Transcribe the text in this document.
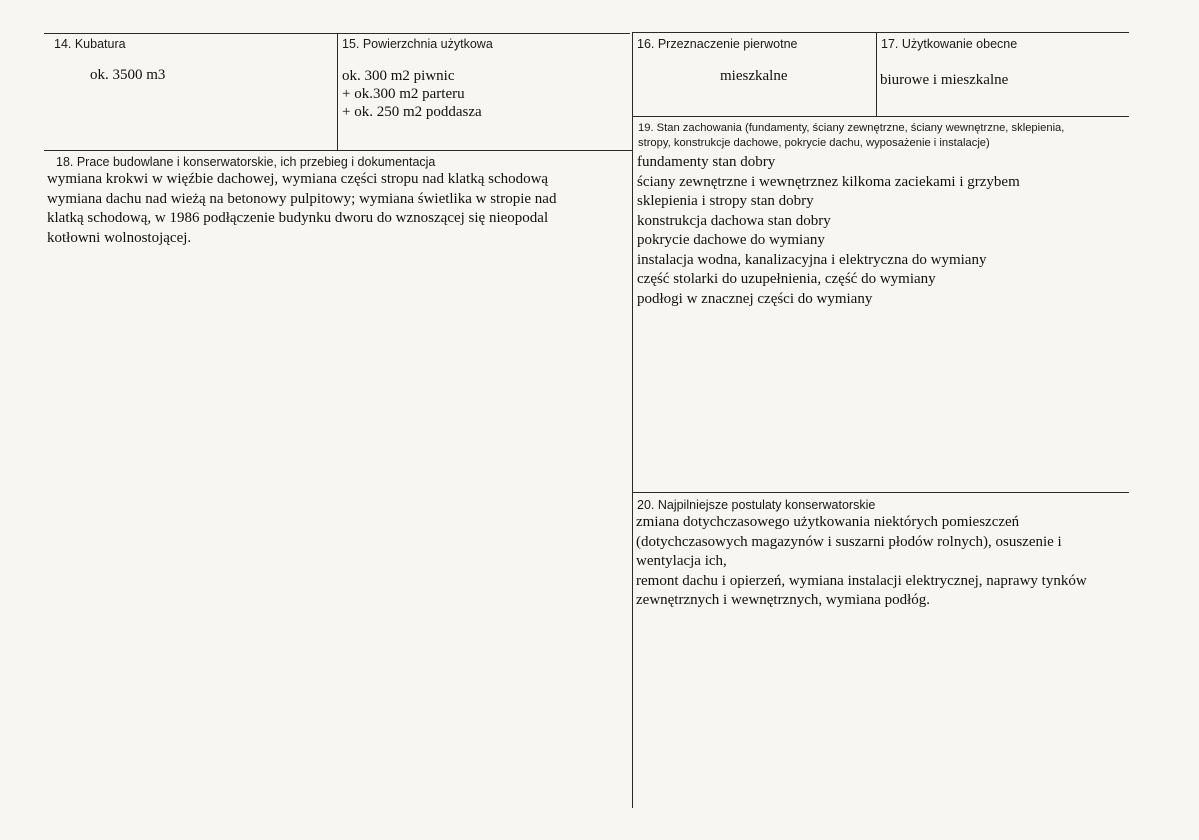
14. Kubatura
ok. 3500 m3
15. Powierzchnia użytkowa
ok. 300 m2 piwnic
+ ok.300 m2 parteru
+ ok. 250 m2 poddasza
16. Przeznaczenie pierwotne
mieszkalne
17. Użytkowanie obecne
biurowe i mieszkalne
18. Prace budowlane i konserwatorskie, ich przebieg i dokumentacja
wymiana krokwi w więźbie dachowej, wymiana części stropu nad klatką schodową
wymiana dachu nad wieżą na betonowy pulpitowy; wymiana świetlika w stropie nad
klatką schodową, w 1986 podłączenie budynku dworu do wznoszącej się nieopodal
kotłowni wolnostojącej.
19. Stan zachowania (fundamenty, ściany zewnętrzne, ściany wewnętrzne, sklepienia,
stropy, konstrukcje dachowe, pokrycie dachu, wyposażenie i instalacje)
fundamenty stan dobry
ściany zewnętrzne i wewnętrznez kilkoma zaciekami i grzybem
sklepienia i stropy stan dobry
konstrukcja dachowa stan dobry
pokrycie dachowe do wymiany
instalacja wodna, kanalizacyjna i elektryczna do wymiany
część stolarki do uzupełnienia, część do wymiany
podłogi w znacznej części do wymiany
20. Najpilniejsze postulaty konserwatorskie
zmiana dotychczasowego użytkowania niektórych pomieszczeń
(dotychczasowych magazynów i suszarni płodów rolnych), osuszenie i
wentylacja ich,
remont dachu i opierzeń, wymiana instalacji elektrycznej, naprawy tynków
zewnętrznych i wewnętrznych, wymiana podłóg.
